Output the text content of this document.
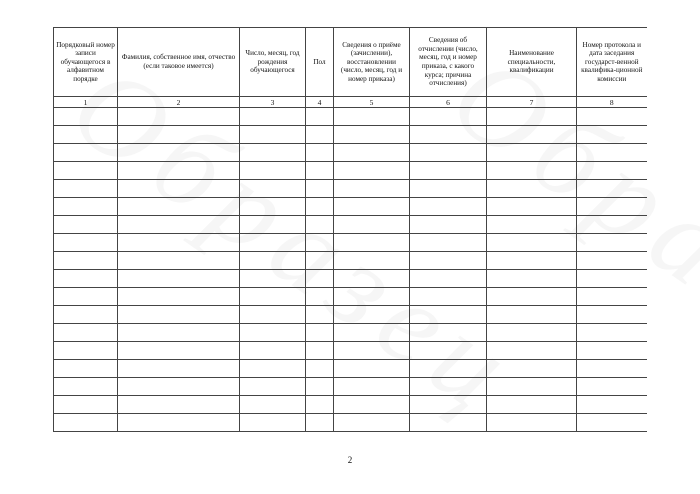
Порядковый номер записи обучающегося в алфавитном порядке	Фамилия, собственное имя, отчество (если таковое имеется)	Число, месяц, год рождения обучающегося	Пол	Сведения о приёме (зачислении), восстановлении (число, месяц, год и номер приказа)	Сведения об отчислении (число, месяц, год и номер приказа, с какого курса; причина отчисления)	Наименование специальности, квалификации	Номер протокола и дата заседания государст-венной квалифика-ционной комиссии
1	2	3	4	5	6	7	8

2
